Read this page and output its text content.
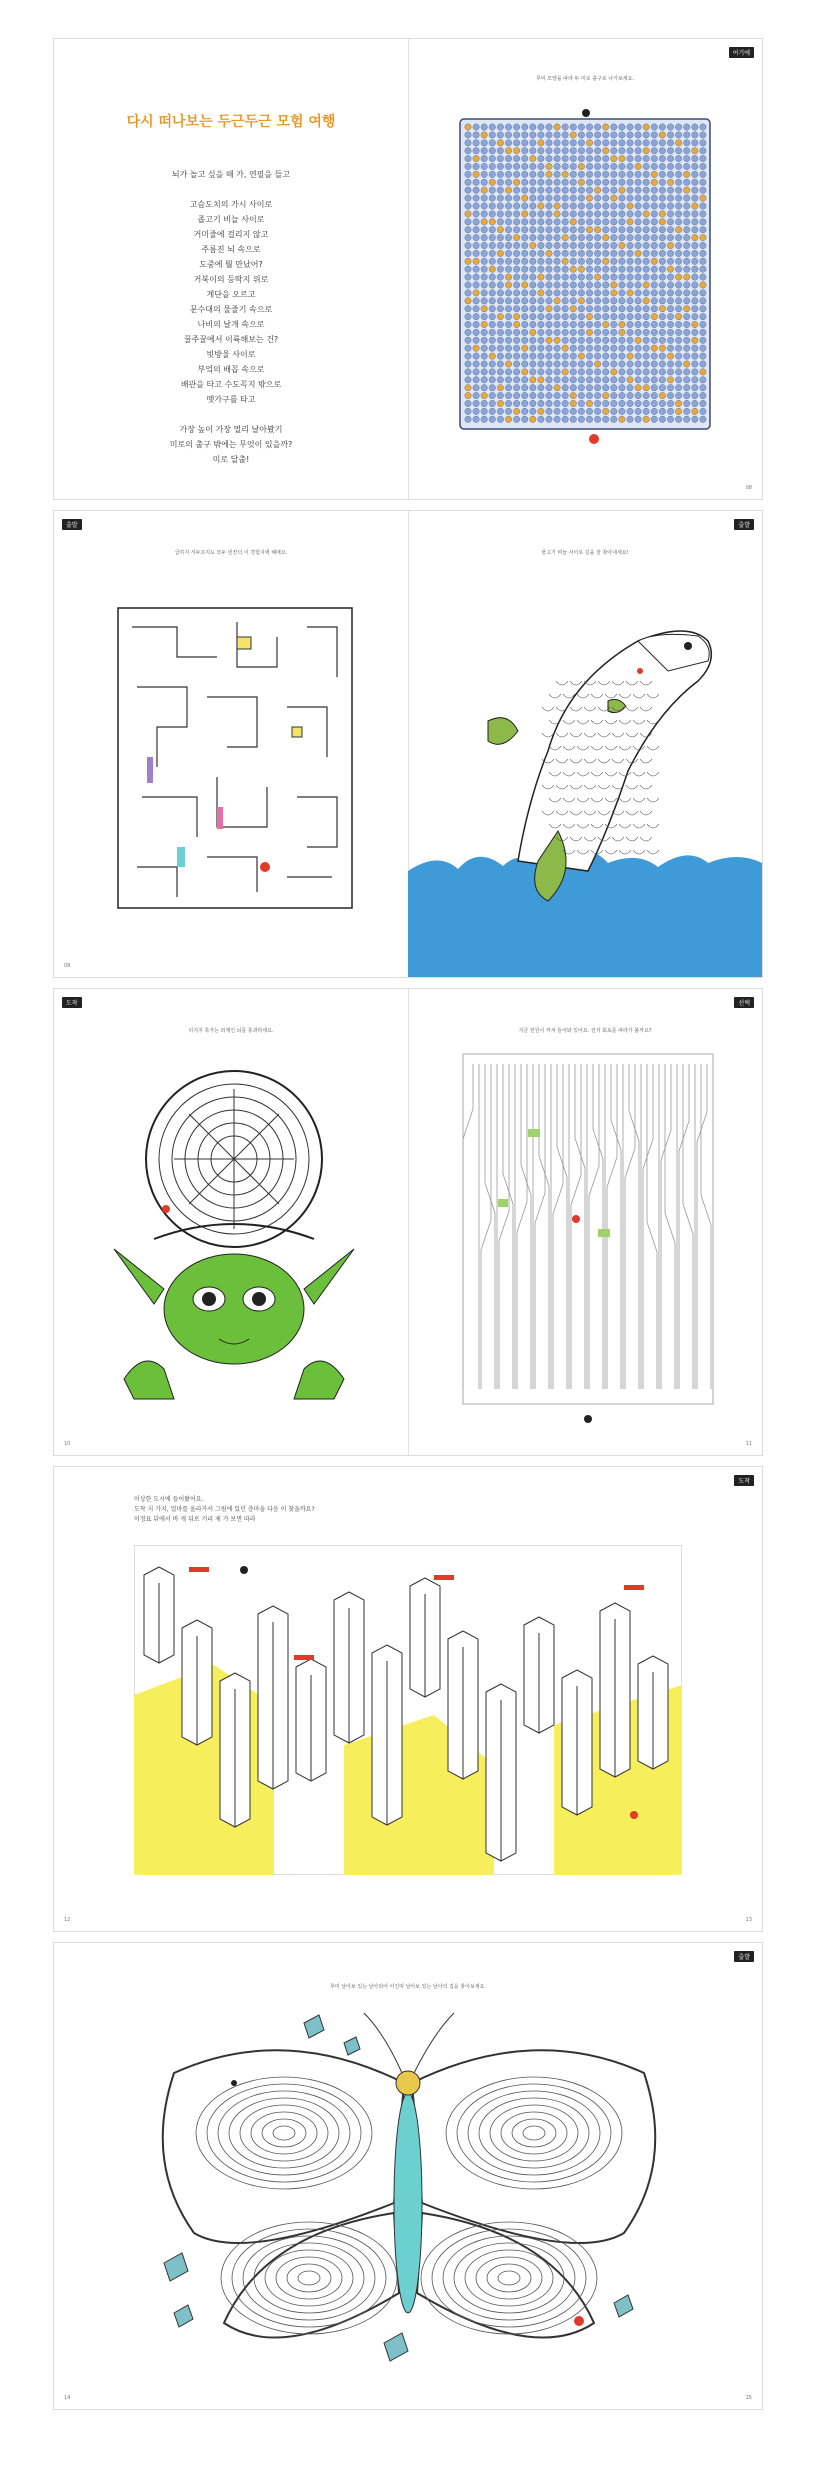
다시 떠나보는 두근두근 모험 여행
뇌가 놀고 싶을 때 가, 연필을 들고
고슴도치의 가시 사이로
좁고기 비늘 사이로
거미줄에 걸리지 않고
주름진 뇌 속으로
도중에 뭘 만났어?
거북이의 등딱지 위로
계단을 오르고
문수대의 물줄기 속으로
나비의 날개 속으로
꿀주꿀에서 이륙해보는 건?
빗방울 사이로
부엌의 배꼽 속으로
배관을 타고 수도꼭지 밖으로
뗏가구를 타고
가장 높이 가장 멀리 날아봤기
미로의 출구 밖에는 무엇이 있을까?
미로 달출!
여기에
루미 모양을 따라 두 미로 출구로 나가보세요.
08
출발
급하지 서두르지도 모두 빈칸의 이 경험지에 헤매요.
08
출발
물고기 비늘 사이로 길을 잘 찾아내세요!
도착
뒤지지 혹가는 외계인 뇌를 통과하세요.
10
선택
지금 전원이 꺼져 들어와 있어요. 전자 회로를 따라가 볼까요?
11
도착
이상한 도시에 들어왔어요.
도착 지 가지, 얼마를 올라가서 그림에 있던 층마을 다음 이 찾을까요?
이정표 뒤에서 바 게 뒤로 거리 제 가 보면 따라
12	13
출발
루미 날아보 있는 날아되어 어긴며 날아보 있는 날아의 집을 찾아보세요.
14	15
